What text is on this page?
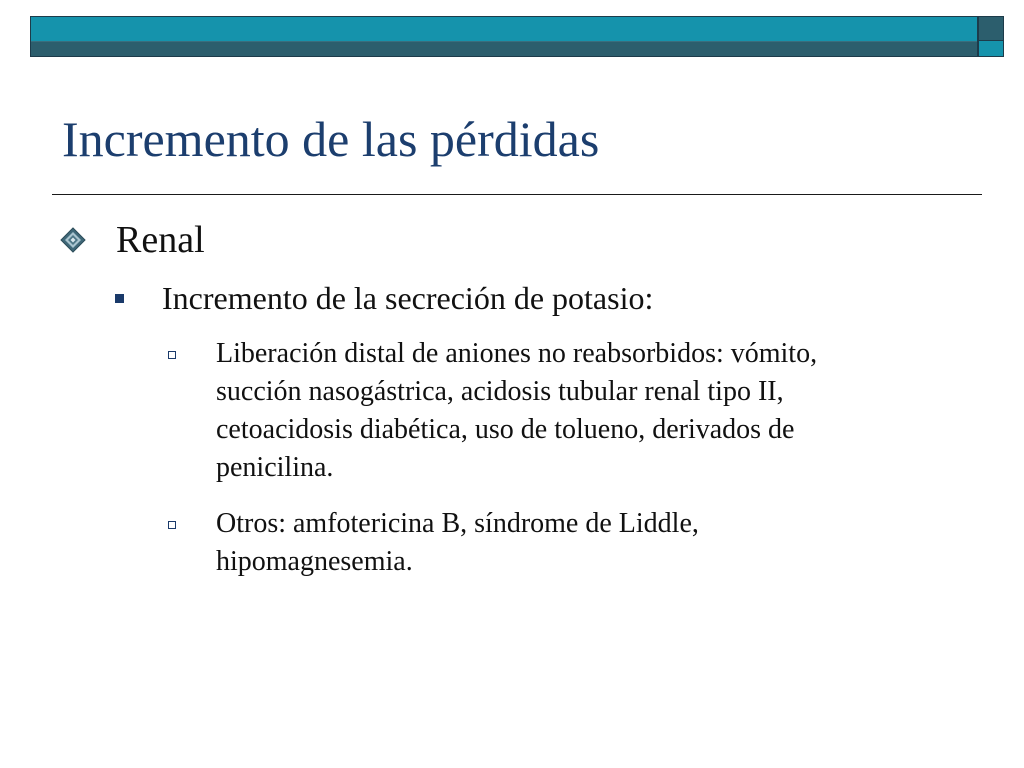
Incremento de las pérdidas
Renal
Incremento de la secreción de potasio:
Liberación distal de aniones no reabsorbidos: vómito,
succión nasogástrica, acidosis tubular renal tipo II,
cetoacidosis diabética, uso de tolueno, derivados de
penicilina.
Otros: amfotericina B, síndrome de Liddle,
hipomagnesemia.
